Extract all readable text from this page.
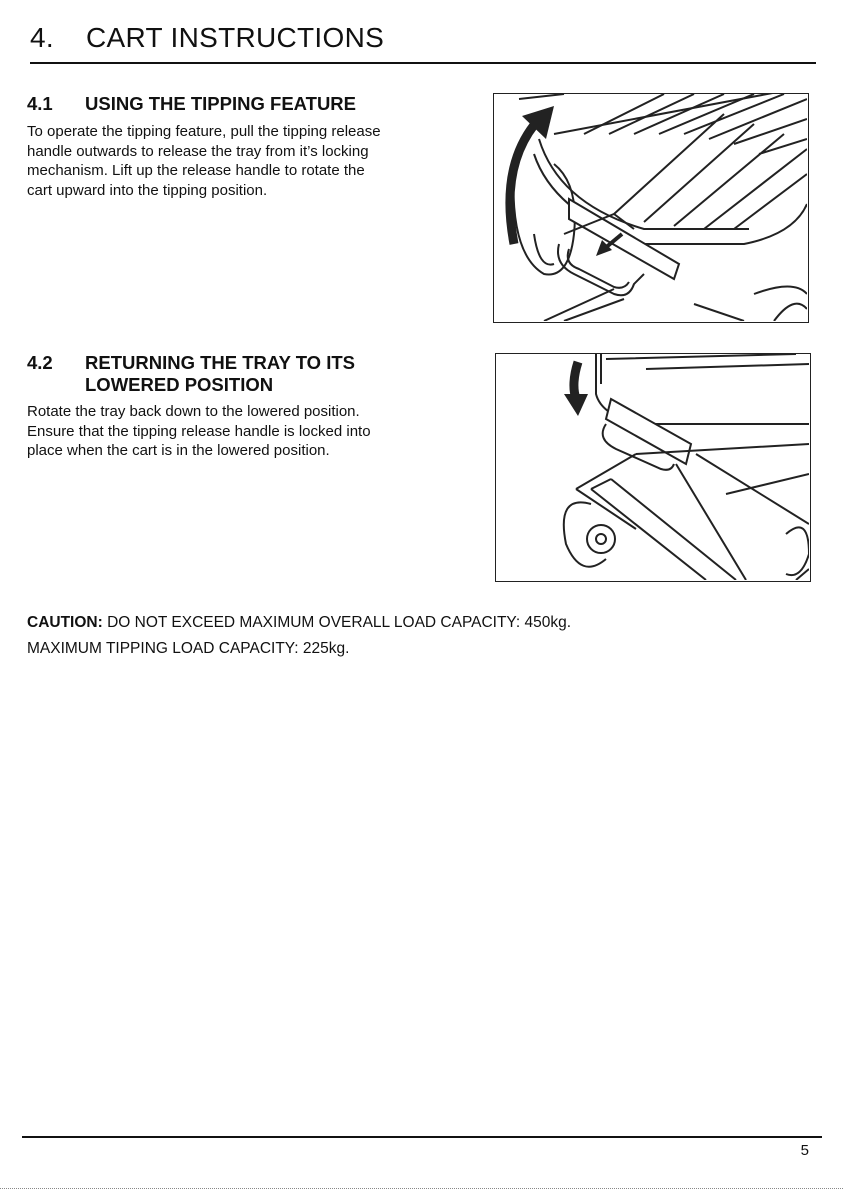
4. CART INSTRUCTIONS
4.1 USING THE TIPPING FEATURE
To operate the tipping feature, pull the tipping release
handle outwards to release the tray from it’s locking
mechanism. Lift up the release handle to rotate the
cart upward into the tipping position.
4.2 RETURNING THE TRAY TO ITS
LOWERED POSITION
Rotate the tray back down to the lowered position.
Ensure that the tipping release handle is locked into
place when the cart is in the lowered position.

CAUTION: DO NOT EXCEED MAXIMUM OVERALL LOAD CAPACITY: 450kg.

MAXIMUM TIPPING LOAD CAPACITY: 225kg.

5
